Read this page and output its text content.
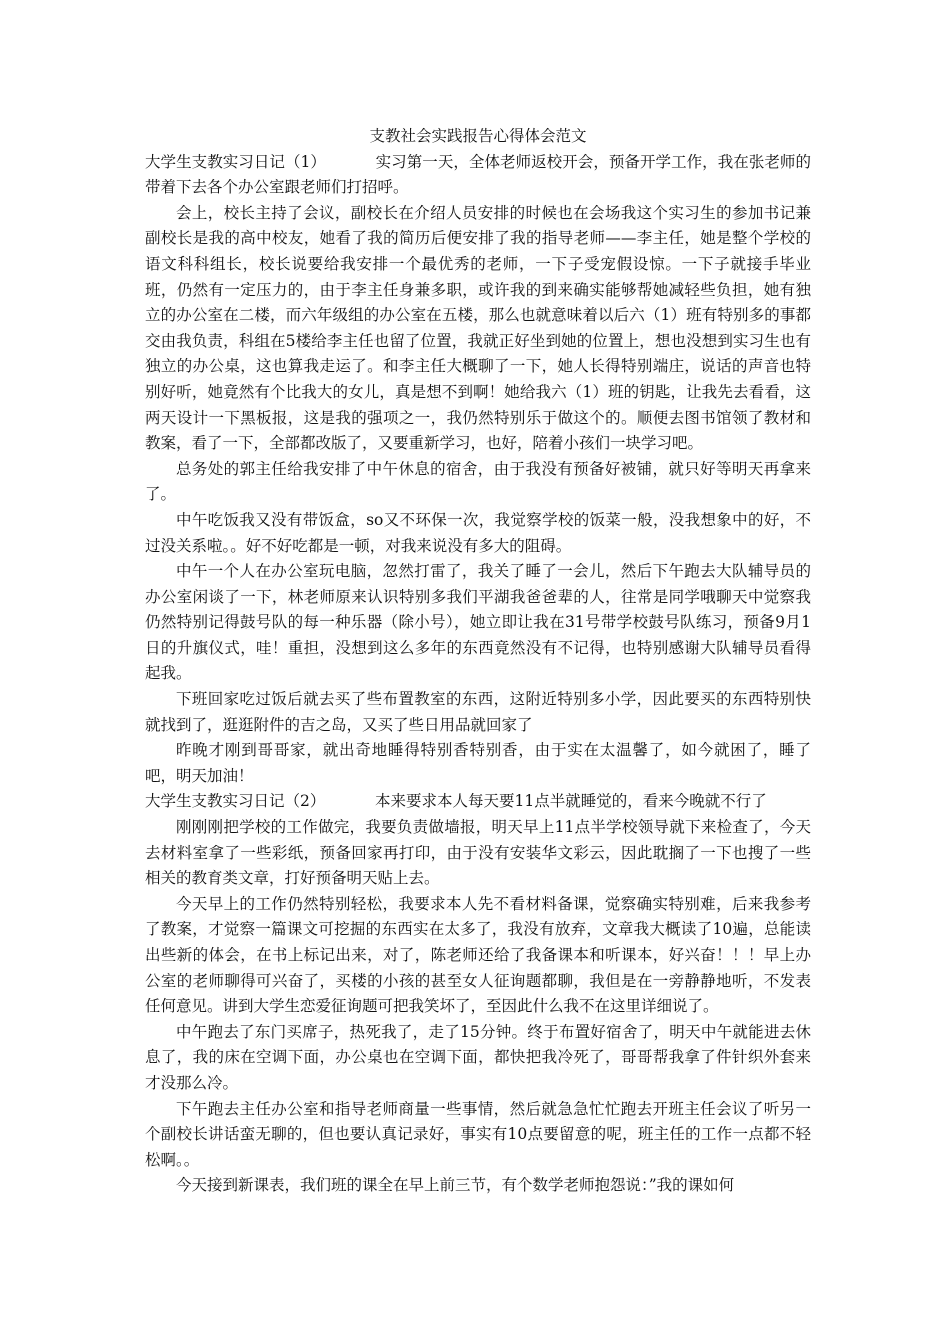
支教社会实践报告心得体会范文

大学生支教实习日记（1）	实习第一天，全体老师返校开会，预备开学工作，我在张老师的带着下去各个办公室跟老师们打招呼。

会上，校长主持了会议，副校长在介绍人员安排的时候也在会场我这个实习生的参加书记兼副校长是我的高中校友，她看了我的简历后便安排了我的指导老师——李主任，她是整个学校的语文科科组长，校长说要给我安排一个最优秀的老师，一下子受宠假设惊。一下子就接手毕业班，仍然有一定压力的，由于李主任身兼多职，或许我的到来确实能够帮她减轻些负担，她有独立的办公室在二楼，而六年级组的办公室在五楼，那么也就意味着以后六（1）班有特别多的事都交由我负责，科组在5楼给李主任也留了位置，我就正好坐到她的位置上，想也没想到实习生也有独立的办公桌，这也算我走运了。和李主任大概聊了一下，她人长得特别端庄，说话的声音也特别好听，她竟然有个比我大的女儿，真是想不到啊！她给我六（1）班的钥匙，让我先去看看，这两天设计一下黑板报，这是我的强项之一，我仍然特别乐于做这个的。顺便去图书馆领了教材和教案，看了一下，全部都改版了，又要重新学习，也好，陪着小孩们一块学习吧。

总务处的郭主任给我安排了中午休息的宿舍，由于我没有预备好被铺，就只好等明天再拿来了。

中午吃饭我又没有带饭盒，so又不环保一次，我觉察学校的饭菜一般，没我想象中的好，不过没关系啦。。好不好吃都是一顿，对我来说没有多大的阻碍。

中午一个人在办公室玩电脑，忽然打雷了，我关了睡了一会儿，然后下午跑去大队辅导员的办公室闲谈了一下，林老师原来认识特别多我们平湖我爸爸辈的人，往常是同学哦聊天中觉察我仍然特别记得鼓号队的每一种乐器（除小号），她立即让我在31号带学校鼓号队练习，预备9月1日的升旗仪式，哇！重担，没想到这么多年的东西竟然没有不记得，也特别感谢大队辅导员看得起我。

下班回家吃过饭后就去买了些布置教室的东西，这附近特别多小学，因此要买的东西特别快就找到了，逛逛附件的吉之岛，又买了些日用品就回家了

昨晚才刚到哥哥家，就出奇地睡得特别香特别香，由于实在太温馨了，如今就困了，睡了吧，明天加油！

大学生支教实习日记（2）	本来要求本人每天要11点半就睡觉的，看来今晚就不行了

刚刚刚把学校的工作做完，我要负责做墙报，明天早上11点半学校领导就下来检查了，今天去材料室拿了一些彩纸，预备回家再打印，由于没有安装华文彩云，因此耽搁了一下也搜了一些相关的教育类文章，打好预备明天贴上去。

今天早上的工作仍然特别轻松，我要求本人先不看材料备课，觉察确实特别难，后来我参考了教案，才觉察一篇课文可挖掘的东西实在太多了，我没有放弃，文章我大概读了10遍，总能读出些新的体会，在书上标记出来，对了，陈老师还给了我备课本和听课本，好兴奋！！！早上办公室的老师聊得可兴奋了，买楼的小孩的甚至女人征询题都聊，我但是在一旁静静地听，不发表任何意见。讲到大学生恋爱征询题可把我笑坏了，至因此什么我不在这里详细说了。

中午跑去了东门买席子，热死我了，走了15分钟。终于布置好宿舍了，明天中午就能进去休息了，我的床在空调下面，办公桌也在空调下面，都快把我冷死了，哥哥帮我拿了件针织外套来才没那么冷。

下午跑去主任办公室和指导老师商量一些事情，然后就急急忙忙跑去开班主任会议了听另一个副校长讲话蛮无聊的，但也要认真记录好，事实有10点要留意的呢，班主任的工作一点都不轻松啊。。

今天接到新课表，我们班的课全在早上前三节，有个数学老师抱怨说：”我的课如何
